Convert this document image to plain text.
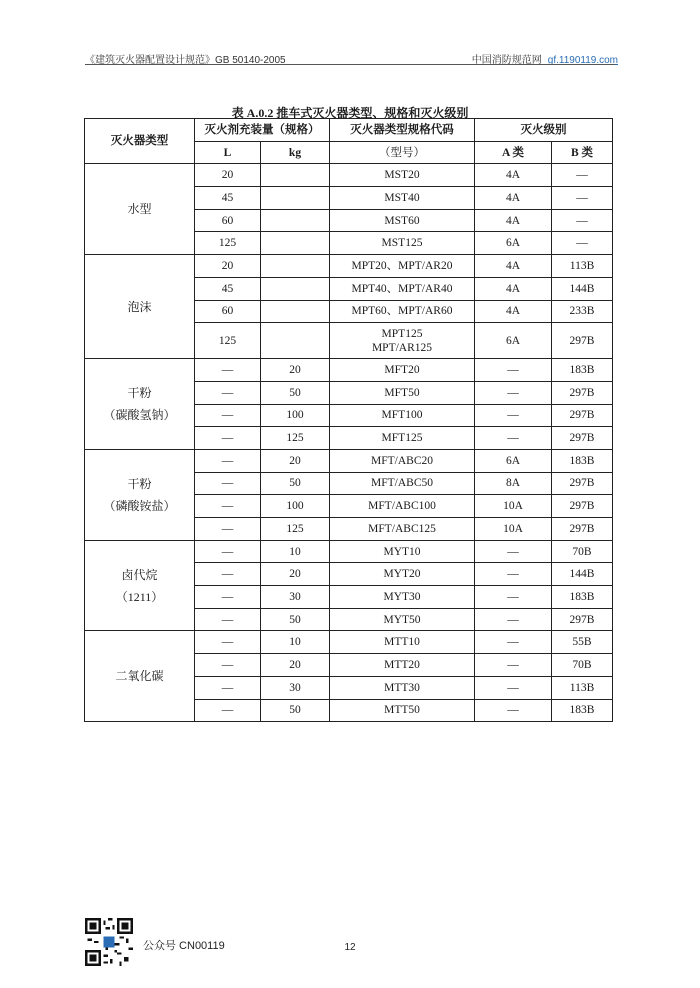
《建筑灭火器配置设计规范》GB 50140-2005	中国消防规范网 gf.1190119.com
表 A.0.2 推车式灭火器类型、规格和灭火级别
灭火器类型	灭火剂充装量（规格）		灭火器类型规格代码	灭火级别	
	L	kg	（型号）	A 类	B 类

水型	20		MST20	4A	—
	45		MST40	4A	—
	60		MST60	4A	—
	125		MST125	6A	—

泡沫	20		MPT20、MPT/AR20	4A	113B
	45		MPT40、MPT/AR40	4A	144B
	60		MPT60、MPT/AR60	4A	233B
	125		MPT125
MPT/AR125	6A	297B

干粉
（碳酸氢钠）	—	20	MFT20	—	183B
	—	50	MFT50	—	297B
	—	100	MFT100	—	297B
	—	125	MFT125	—	297B

干粉
（磷酸铵盐）	—	20	MFT/ABC20	6A	183B
	—	50	MFT/ABC50	8A	297B
	—	100	MFT/ABC100	10A	297B
	—	125	MFT/ABC125	10A	297B

卤代烷
（1211）	—	10	MYT10	—	70B
	—	20	MYT20	—	144B
	—	30	MYT30	—	183B
	—	50	MYT50	—	297B

二氧化碳	—	10	MTT10	—	55B
	—	20	MTT20	—	70B
	—	30	MTT30	—	113B
	—	50	MTT50	—	183B
公众号 CN00119	12
